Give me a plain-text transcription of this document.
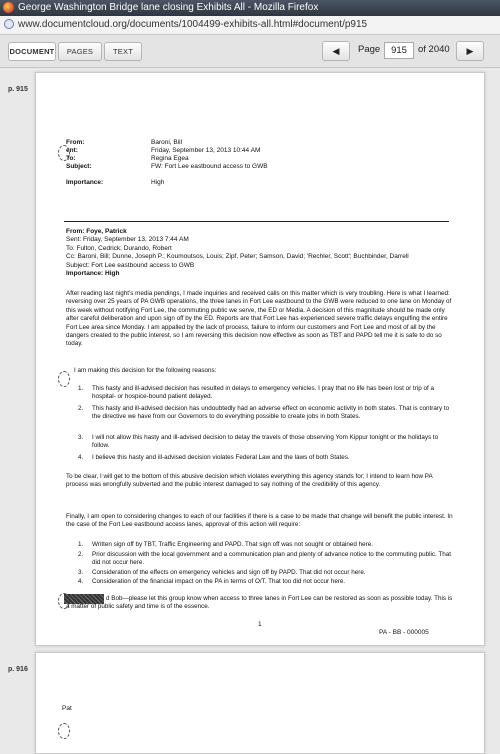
George Washington Bridge lane closing Exhibits All - Mozilla Firefox
www.documentcloud.org/documents/1004499-exhibits-all.html#document/p915
DOCUMENT	PAGES	TEXT	◀	Page	915	of 2040	▶
p. 915
From:	Baroni, Bill
ent:	Friday, September 13, 2013 10:44 AM
To:	Regina Egea
Subject:	FW: Fort Lee eastbound access to GWB
Importance:	High
From: Foye, Patrick
Sent: Friday, September 13, 2013 7:44 AM
To: Fulton, Cedrick; Durando, Robert
Cc: Baroni, Bill; Dunne, Joseph P.; Koumoutsos, Louis; Zipf, Peter; Samson, David; 'Rechler, Scott'; Buchbinder, Darrell
Subject: Fort Lee eastbound access to GWB
Importance: High
After reading last night's media pendings, I made inquiries and received calls on this matter which is very troubling. Here is what I learned: reversing over 25 years of PA GWB operations, the three lanes in Fort Lee eastbound to the GWB were reduced to one lane on Monday of this week without notifying Fort Lee, the commuting public we serve, the ED or Media. A decision of this magnitude should be made only after careful deliberation and upon sign off by the ED. Reports are that Fort Lee has experienced severe traffic delays engulfing the entire Fort Lee area since Monday. I am appalled by the lack of process, failure to inform our customers and Fort Lee and most of all by the dangers created to the public interest, so I am reversing this decision now effective as soon as TBT and PAPD tell me it is safe to do so today.
I am making this decision for the following reasons:
1. This hasty and ill-advised decision has resulted in delays to emergency vehicles. I pray that no life has been lost or trip of a hospital- or hospice-bound patient delayed.
2. This hasty and ill-advised decision has undoubtedly had an adverse effect on economic activity in both states. That is contrary to the directive we have from our Governors to do everything possible to create jobs in both States.
3. I will not allow this hasty and ill-advised decision to delay the travels of those observing Yom Kippur tonight or the holidays to follow.
4. I believe this hasty and ill-advised decision violates Federal Law and the laws of both States.
To be clear, I will get to the bottom of this abusive decision which violates everything this agency stands for; I intend to learn how PA process was wrongfully subverted and the public interest damaged to say nothing of the credibility of this agency.
Finally, I am open to considering changes to each of our facilities if there is a case to be made that change will benefit the public interest. In the case of the Fort Lee eastbound access lanes, approval of this action will require:
1. Written sign off by TBT, Traffic Engineering and PAPD. That sign off was not sought or obtained here.
2. Prior discussion with the local government and a communication plan and plenty of advance notice to the commuting public. That did not occur here.
3. Consideration of the effects on emergency vehicles and sign off by PAPD. That did not occur here.
4. Consideration of the financial impact on the PA in terms of O/T. That too did not occur here.
d Bob—please let this group know when access to three lanes in Fort Lee can be restored as soon as possible today. This is a matter of public safety and time is of the essence.
1
PA - BB - 000005
p. 916
Pat
